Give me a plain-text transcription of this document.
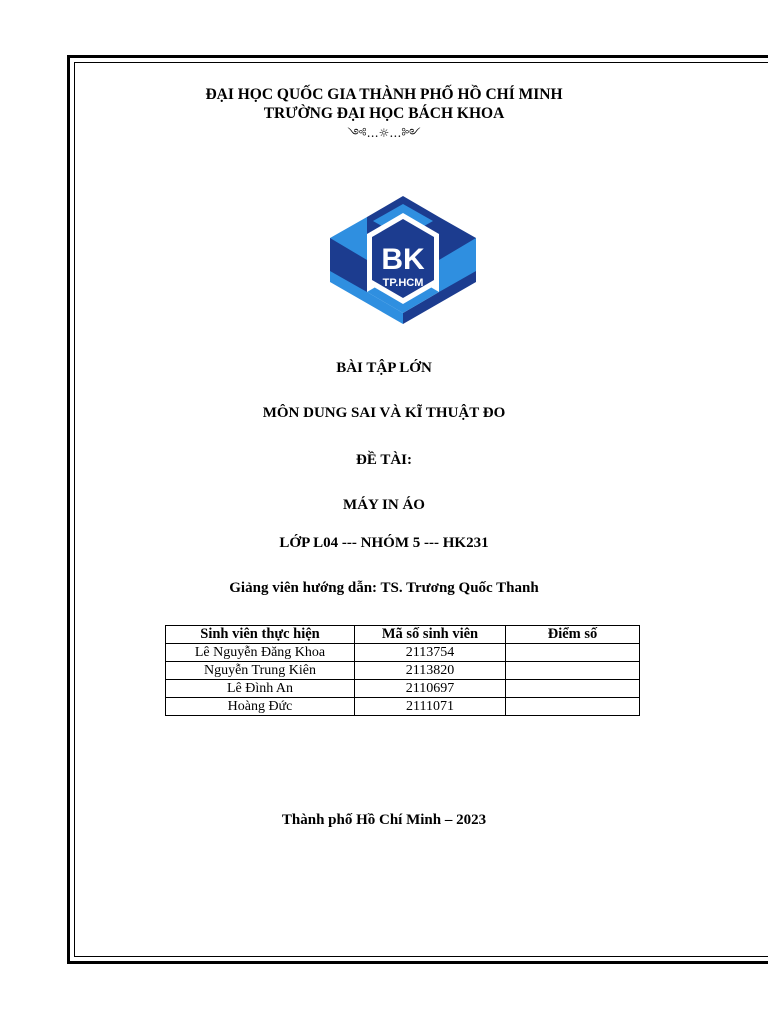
ĐẠI HỌC QUỐC GIA THÀNH PHỐ HỒ CHÍ MINH
TRƯỜNG ĐẠI HỌC BÁCH KHOA
༺…☼…༻
BK
TP.HCM
BÀI TẬP LỚN
MÔN DUNG SAI VÀ KĨ THUẬT ĐO
ĐỀ TÀI:
MÁY IN ÁO
LỚP L04 --- NHÓM 5 --- HK231
Giảng viên hướng dẫn: TS. Trương Quốc Thanh
Sinh viên thực hiện	Mã số sinh viên	Điểm số
Lê Nguyễn Đăng Khoa	2113754	
Nguyễn Trung Kiên	2113820	
Lê Đình An	2110697	
Hoàng Đức	2111071	
Thành phố Hồ Chí Minh – 2023
